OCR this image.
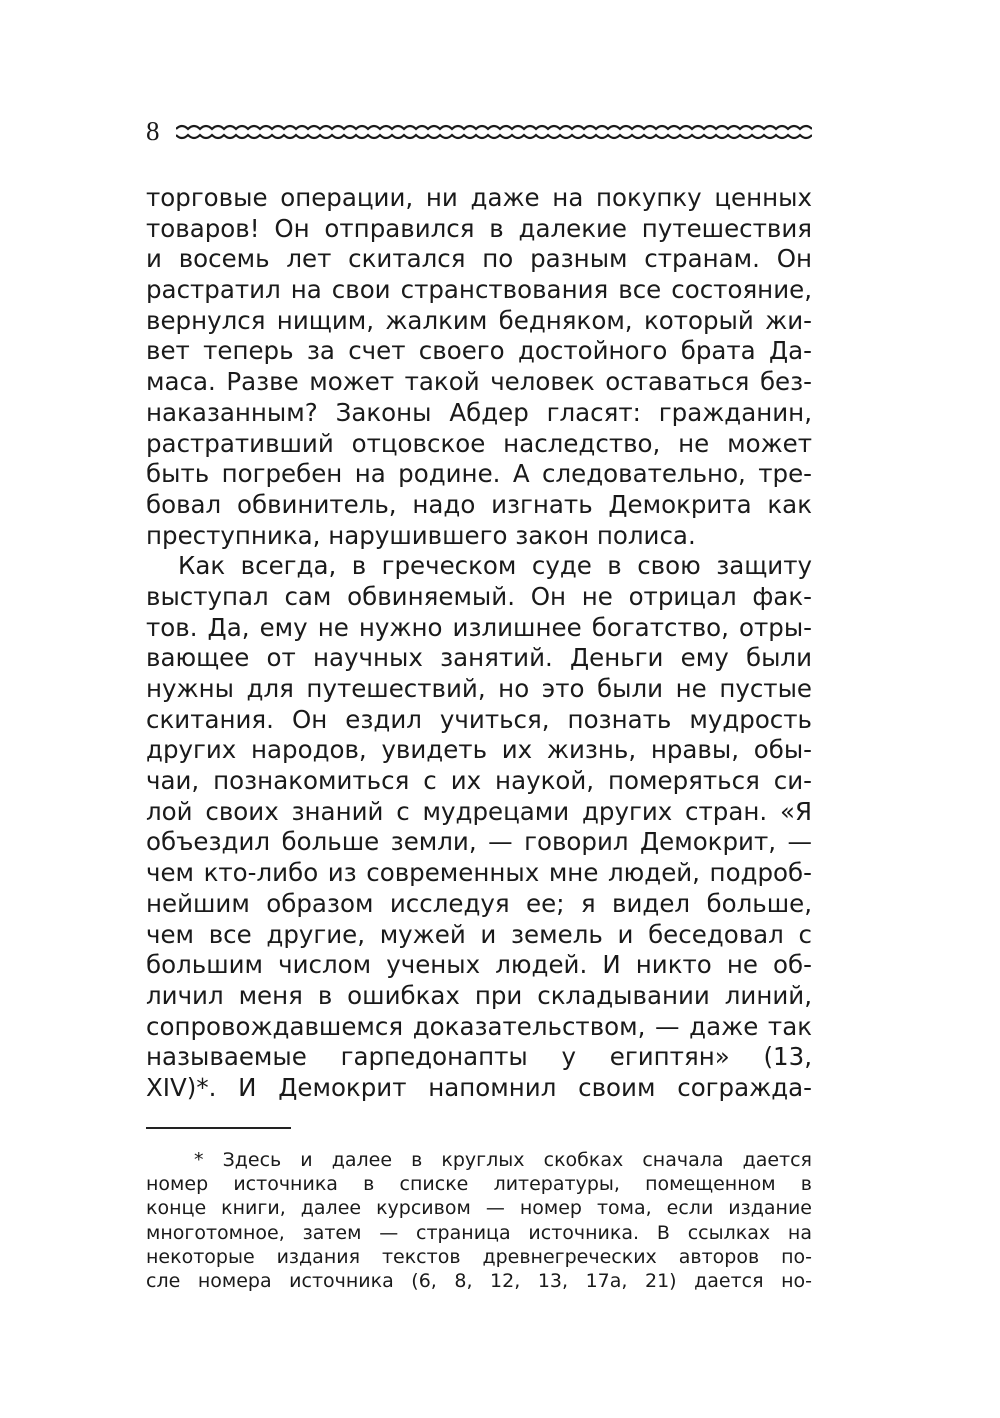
8
торговые операции, ни даже на покупку ценных
товаров! Он отправился в далекие путешествия
и восемь лет скитался по разным странам. Он
растратил на свои странствования все состояние,
вернулся нищим, жалким бедняком, который жи-
вет теперь за счет своего достойного брата Да-
маса. Разве может такой человек оставаться без-
наказанным? Законы Абдер гласят: гражданин,
растративший отцовское наследство, не может
быть погребен на родине. А следовательно, тре-
бовал обвинитель, надо изгнать Демокрита как
преступника, нарушившего закон полиса.
Как всегда, в греческом суде в свою защиту
выступал сам обвиняемый. Он не отрицал фак-
тов. Да, ему не нужно излишнее богатство, отры-
вающее от научных занятий. Деньги ему были
нужны для путешествий, но это были не пустые
скитания. Он ездил учиться, познать мудрость
других народов, увидеть их жизнь, нравы, обы-
чаи, познакомиться с их наукой, померяться си-
лой своих знаний с мудрецами других стран. «Я
объездил больше земли, — говорил Демокрит, —
чем кто-либо из современных мне людей, подроб-
нейшим образом исследуя ее; я видел больше,
чем все другие, мужей и земель и беседовал с
большим числом ученых людей. И никто не об-
личил меня в ошибках при складывании линий,
сопровождавшемся доказательством, — даже так
называемые гарпедонапты у египтян» (13,
XIV)*. И Демокрит напомнил своим сограждa-
* Здесь и далее в круглых скобках сначала дается
номер источника в списке литературы, помещенном в
конце книги, далее курсивом — номер тома, если издание
многотомное, затем — страница источника. В ссылках на
некоторые издания текстов древнегреческих авторов по-
сле номера источника (6, 8, 12, 13, 17а, 21) дается но-
